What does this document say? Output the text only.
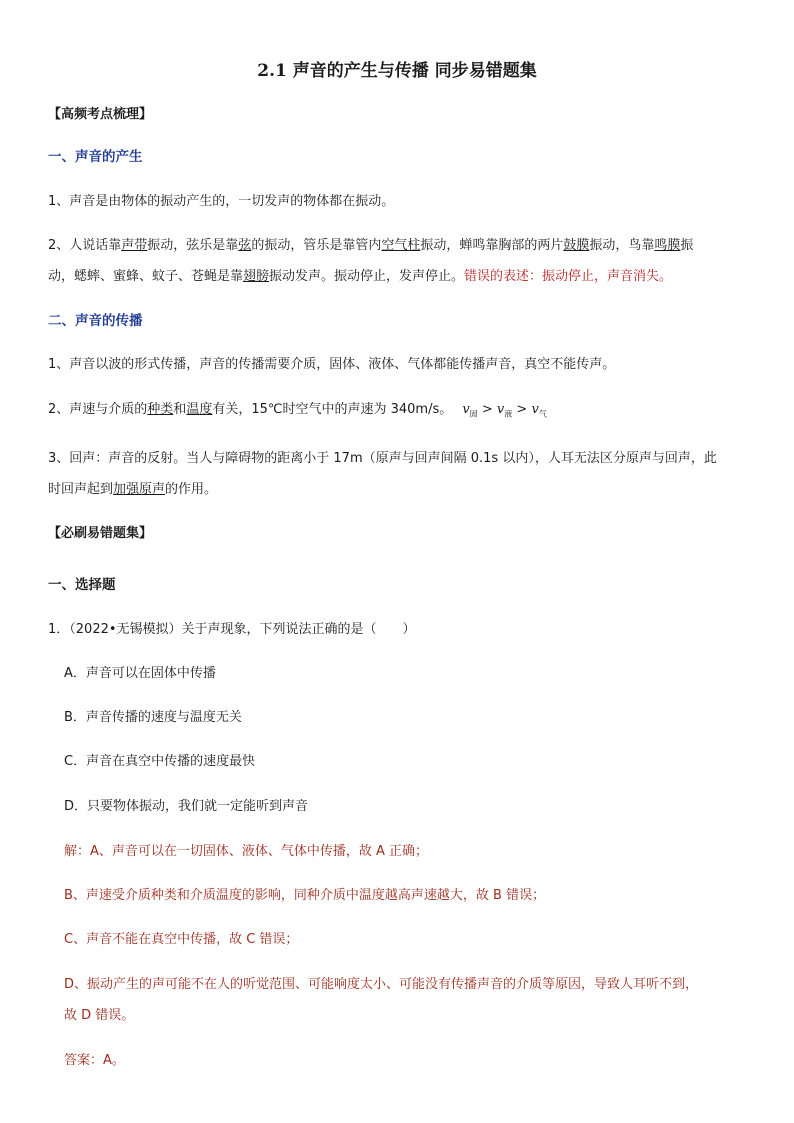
2.1 声音的产生与传播 同步易错题集
【高频考点梳理】
一、声音的产生
1、声音是由物体的振动产生的，一切发声的物体都在振动。
2、人说话靠声带振动，弦乐是靠弦的振动，管乐是靠管内空气柱振动，蝉鸣靠胸部的两片鼓膜振动，鸟靠鸣膜振
动，蟋蟀、蜜蜂、蚊子、苍蝇是靠翅膀振动发声。振动停止，发声停止。错误的表述：振动停止，声音消失。
二、声音的传播
1、声音以波的形式传播，声音的传播需要介质，固体、液体、气体都能传播声音，真空不能传声。
2、声速与介质的种类和温度有关，15℃时空气中的声速为 340m/s。 $v_固 > v_液 > v_气$
3、回声：声音的反射。当人与障碍物的距离小于 17m（原声与回声间隔 0.1s 以内），人耳无法区分原声与回声，此
时回声起到加强原声的作用。
【必刷易错题集】
一、选择题
1．（2022•无锡模拟）关于声现象，下列说法正确的是（　　）
A．声音可以在固体中传播
B．声音传播的速度与温度无关
C．声音在真空中传播的速度最快
D．只要物体振动，我们就一定能听到声音
解：A、声音可以在一切固体、液体、气体中传播，故 A 正确；
B、声速受介质种类和介质温度的影响，同种介质中温度越高声速越大，故 B 错误；
C、声音不能在真空中传播，故 C 错误；
D、振动产生的声可能不在人的听觉范围、可能响度太小、可能没有传播声音的介质等原因，导致人耳听不到，
故 D 错误。
答案：A。
